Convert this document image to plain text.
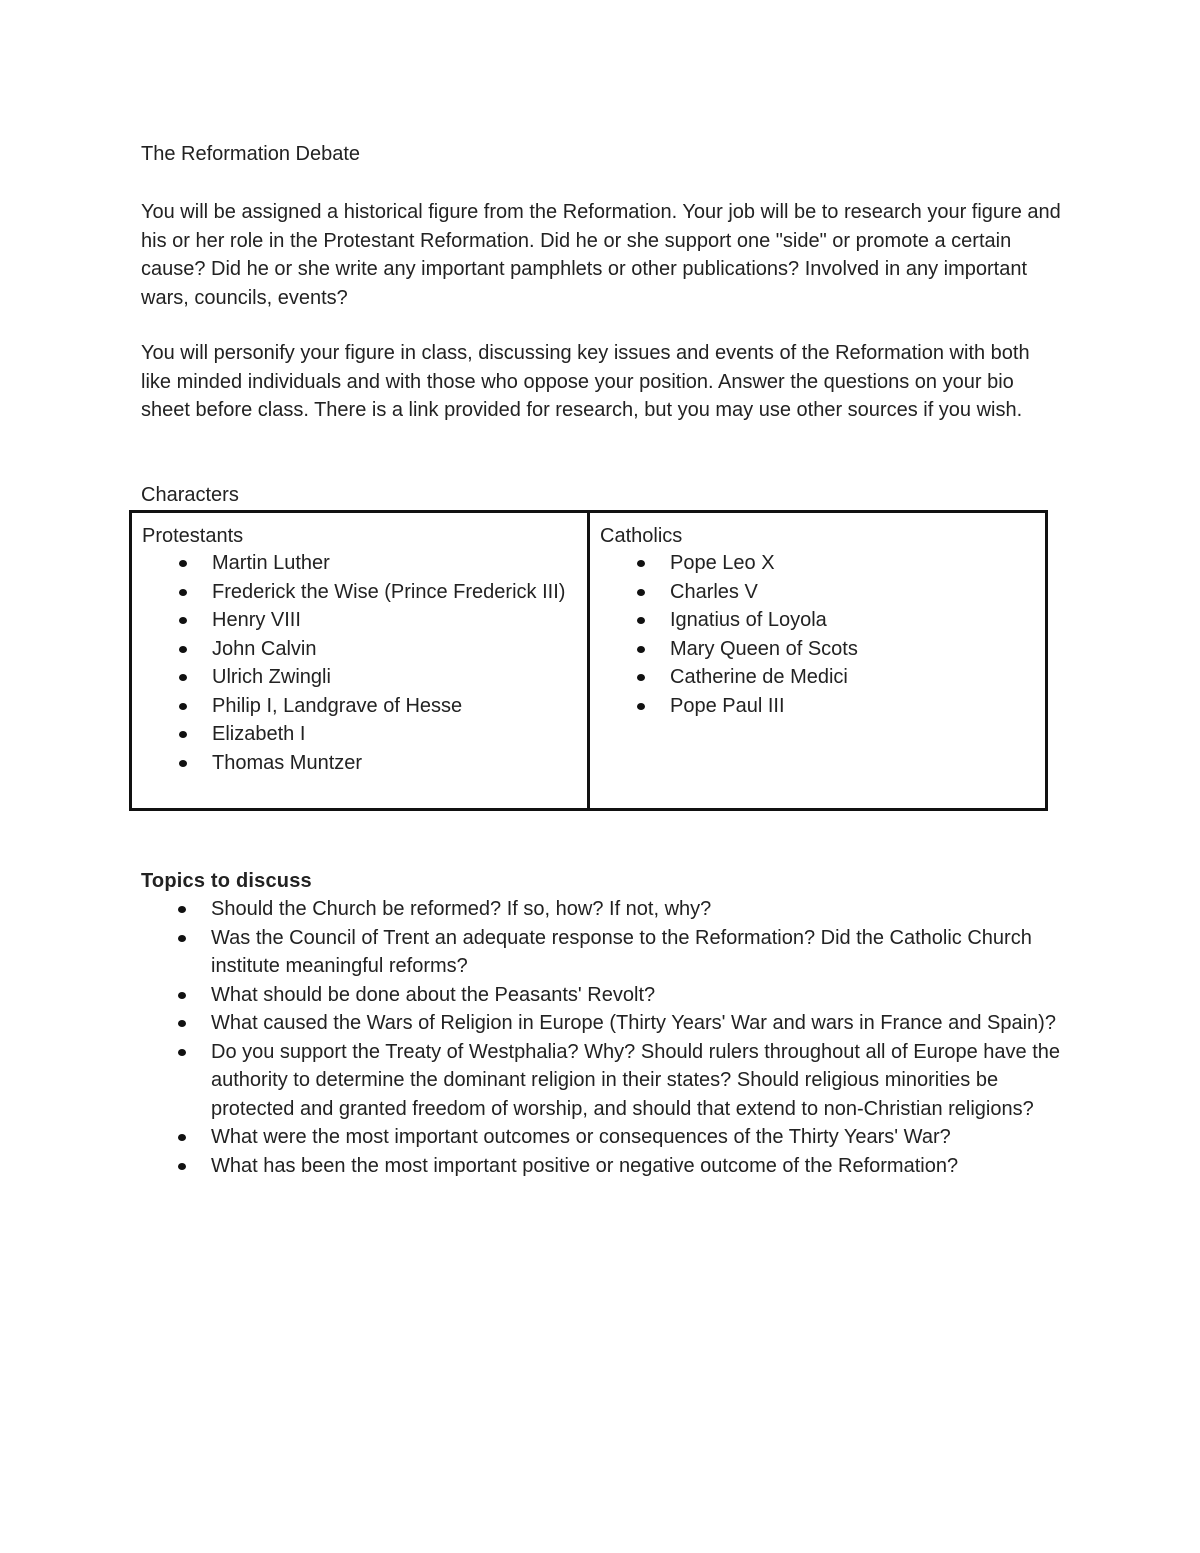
The Reformation Debate

You will be assigned a historical figure from the Reformation. Your job will be to research your figure and his or her role in the Protestant Reformation. Did he or she support one "side" or promote a certain cause? Did he or she write any important pamphlets or other publications? Involved in any important wars, councils, events?

You will personify your figure in class, discussing key issues and events of the Reformation with both like minded individuals and with those who oppose your position. Answer the questions on your bio sheet before class. There is a link provided for research, but you may use other sources if you wish.

Characters

Protestants

Martin Luther
Frederick the Wise (Prince Frederick III)
Henry VIII
John Calvin
Ulrich Zwingli
Philip I, Landgrave of Hesse
Elizabeth I
Thomas Muntzer

Catholics

Pope Leo X
Charles V
Ignatius of Loyola
Mary Queen of Scots
Catherine de Medici
Pope Paul III

Topics to discuss

Should the Church be reformed? If so, how? If not, why?
Was the Council of Trent an adequate response to the Reformation? Did the Catholic Church institute meaningful reforms?
What should be done about the Peasants' Revolt?
What caused the Wars of Religion in Europe (Thirty Years' War and wars in France and Spain)?
Do you support the Treaty of Westphalia? Why? Should rulers throughout all of Europe have the authority to determine the dominant religion in their states? Should religious minorities be protected and granted freedom of worship, and should that extend to non-Christian religions?
What were the most important outcomes or consequences of the Thirty Years' War?
What has been the most important positive or negative outcome of the Reformation?
